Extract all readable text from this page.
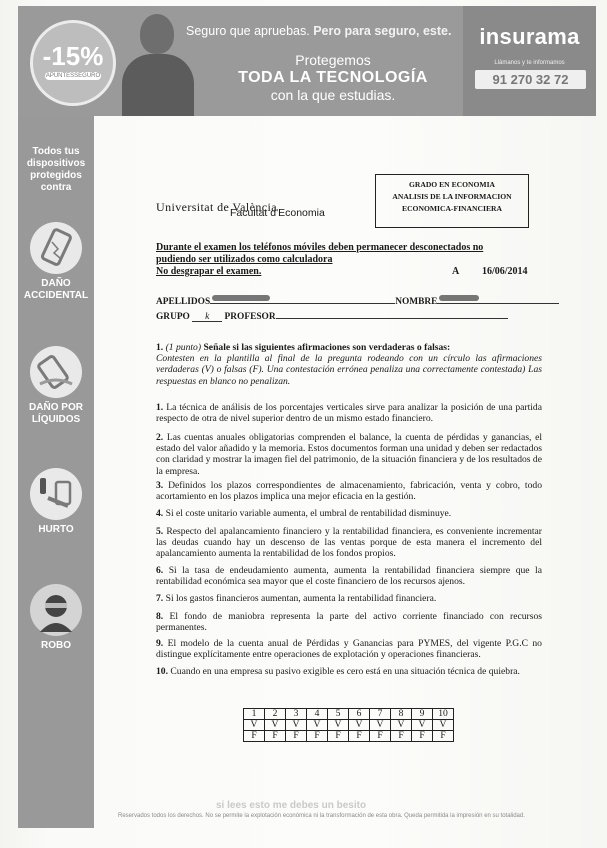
-15%
APUNTESSEGURO
Seguro que apruebas. Pero para seguro, este.
Protegemos
TODA LA TECNOLOGÍA
con la que estudias.
insurama
Llámanos y te informamos
91 270 32 72
Todos tus dispositivos protegidos contra
DAÑO ACCIDENTAL
DAÑO POR LÍQUIDOS
HURTO
ROBO
GRADO EN ECONOMIA
ANALISIS DE LA INFORMACION
ECONOMICA-FINANCIERA
Universitat de València
Facultat d'Economia
Durante el examen los teléfonos móviles deben permanecer desconectados no pudiendo ser utilizados como calculadora
No desgrapar el examen.	A 16/06/2014
APELLIDOS	NOMBRE
GRUPO k PROFESOR
1. (1 punto) Señale si las siguientes afirmaciones son verdaderas o falsas:
Contesten en la plantilla al final de la pregunta rodeando con un círculo las afirmaciones verdaderas (V) o falsas (F). Una contestación errónea penaliza una correctamente contestada) Las respuestas en blanco no penalizan.
1. La técnica de análisis de los porcentajes verticales sirve para analizar la posición de una partida respecto de otra de nivel superior dentro de un mismo estado financiero.
2. Las cuentas anuales obligatorias comprenden el balance, la cuenta de pérdidas y ganancias, el estado del valor añadido y la memoria. Estos documentos forman una unidad y deben ser redactados con claridad y mostrar la imagen fiel del patrimonio, de la situación financiera y de los resultados de la empresa.
3. Definidos los plazos correspondientes de almacenamiento, fabricación, venta y cobro, todo acortamiento en los plazos implica una mejor eficacia en la gestión.
4. Si el coste unitario variable aumenta, el umbral de rentabilidad disminuye.
5. Respecto del apalancamiento financiero y la rentabilidad financiera, es conveniente incrementar las deudas cuando hay un descenso de las ventas porque de esta manera el incremento del apalancamiento aumenta la rentabilidad de los fondos propios.
6. Si la tasa de endeudamiento aumenta, aumenta la rentabilidad financiera siempre que la rentabilidad económica sea mayor que el coste financiero de los recursos ajenos.
7. Si los gastos financieros aumentan, aumenta la rentabilidad financiera.
8. El fondo de maniobra representa la parte del activo corriente financiado con recursos permanentes.
9. El modelo de la cuenta anual de Pérdidas y Ganancias para PYMES, del vigente P.G.C no distingue explícitamente entre operaciones de explotación y operaciones financieras.
10. Cuando en una empresa su pasivo exigible es cero está en una situación técnica de quiebra.
1	2	3	4	5	6	7	8	9	10
V	V	V	V	V	V	V	V	V	V
F	F	F	F	F	F	F	F	F	F
si lees esto me debes un besito
Reservados todos los derechos. No se permite la explotación económica ni la transformación de esta obra. Queda permitida la impresión en su totalidad.
